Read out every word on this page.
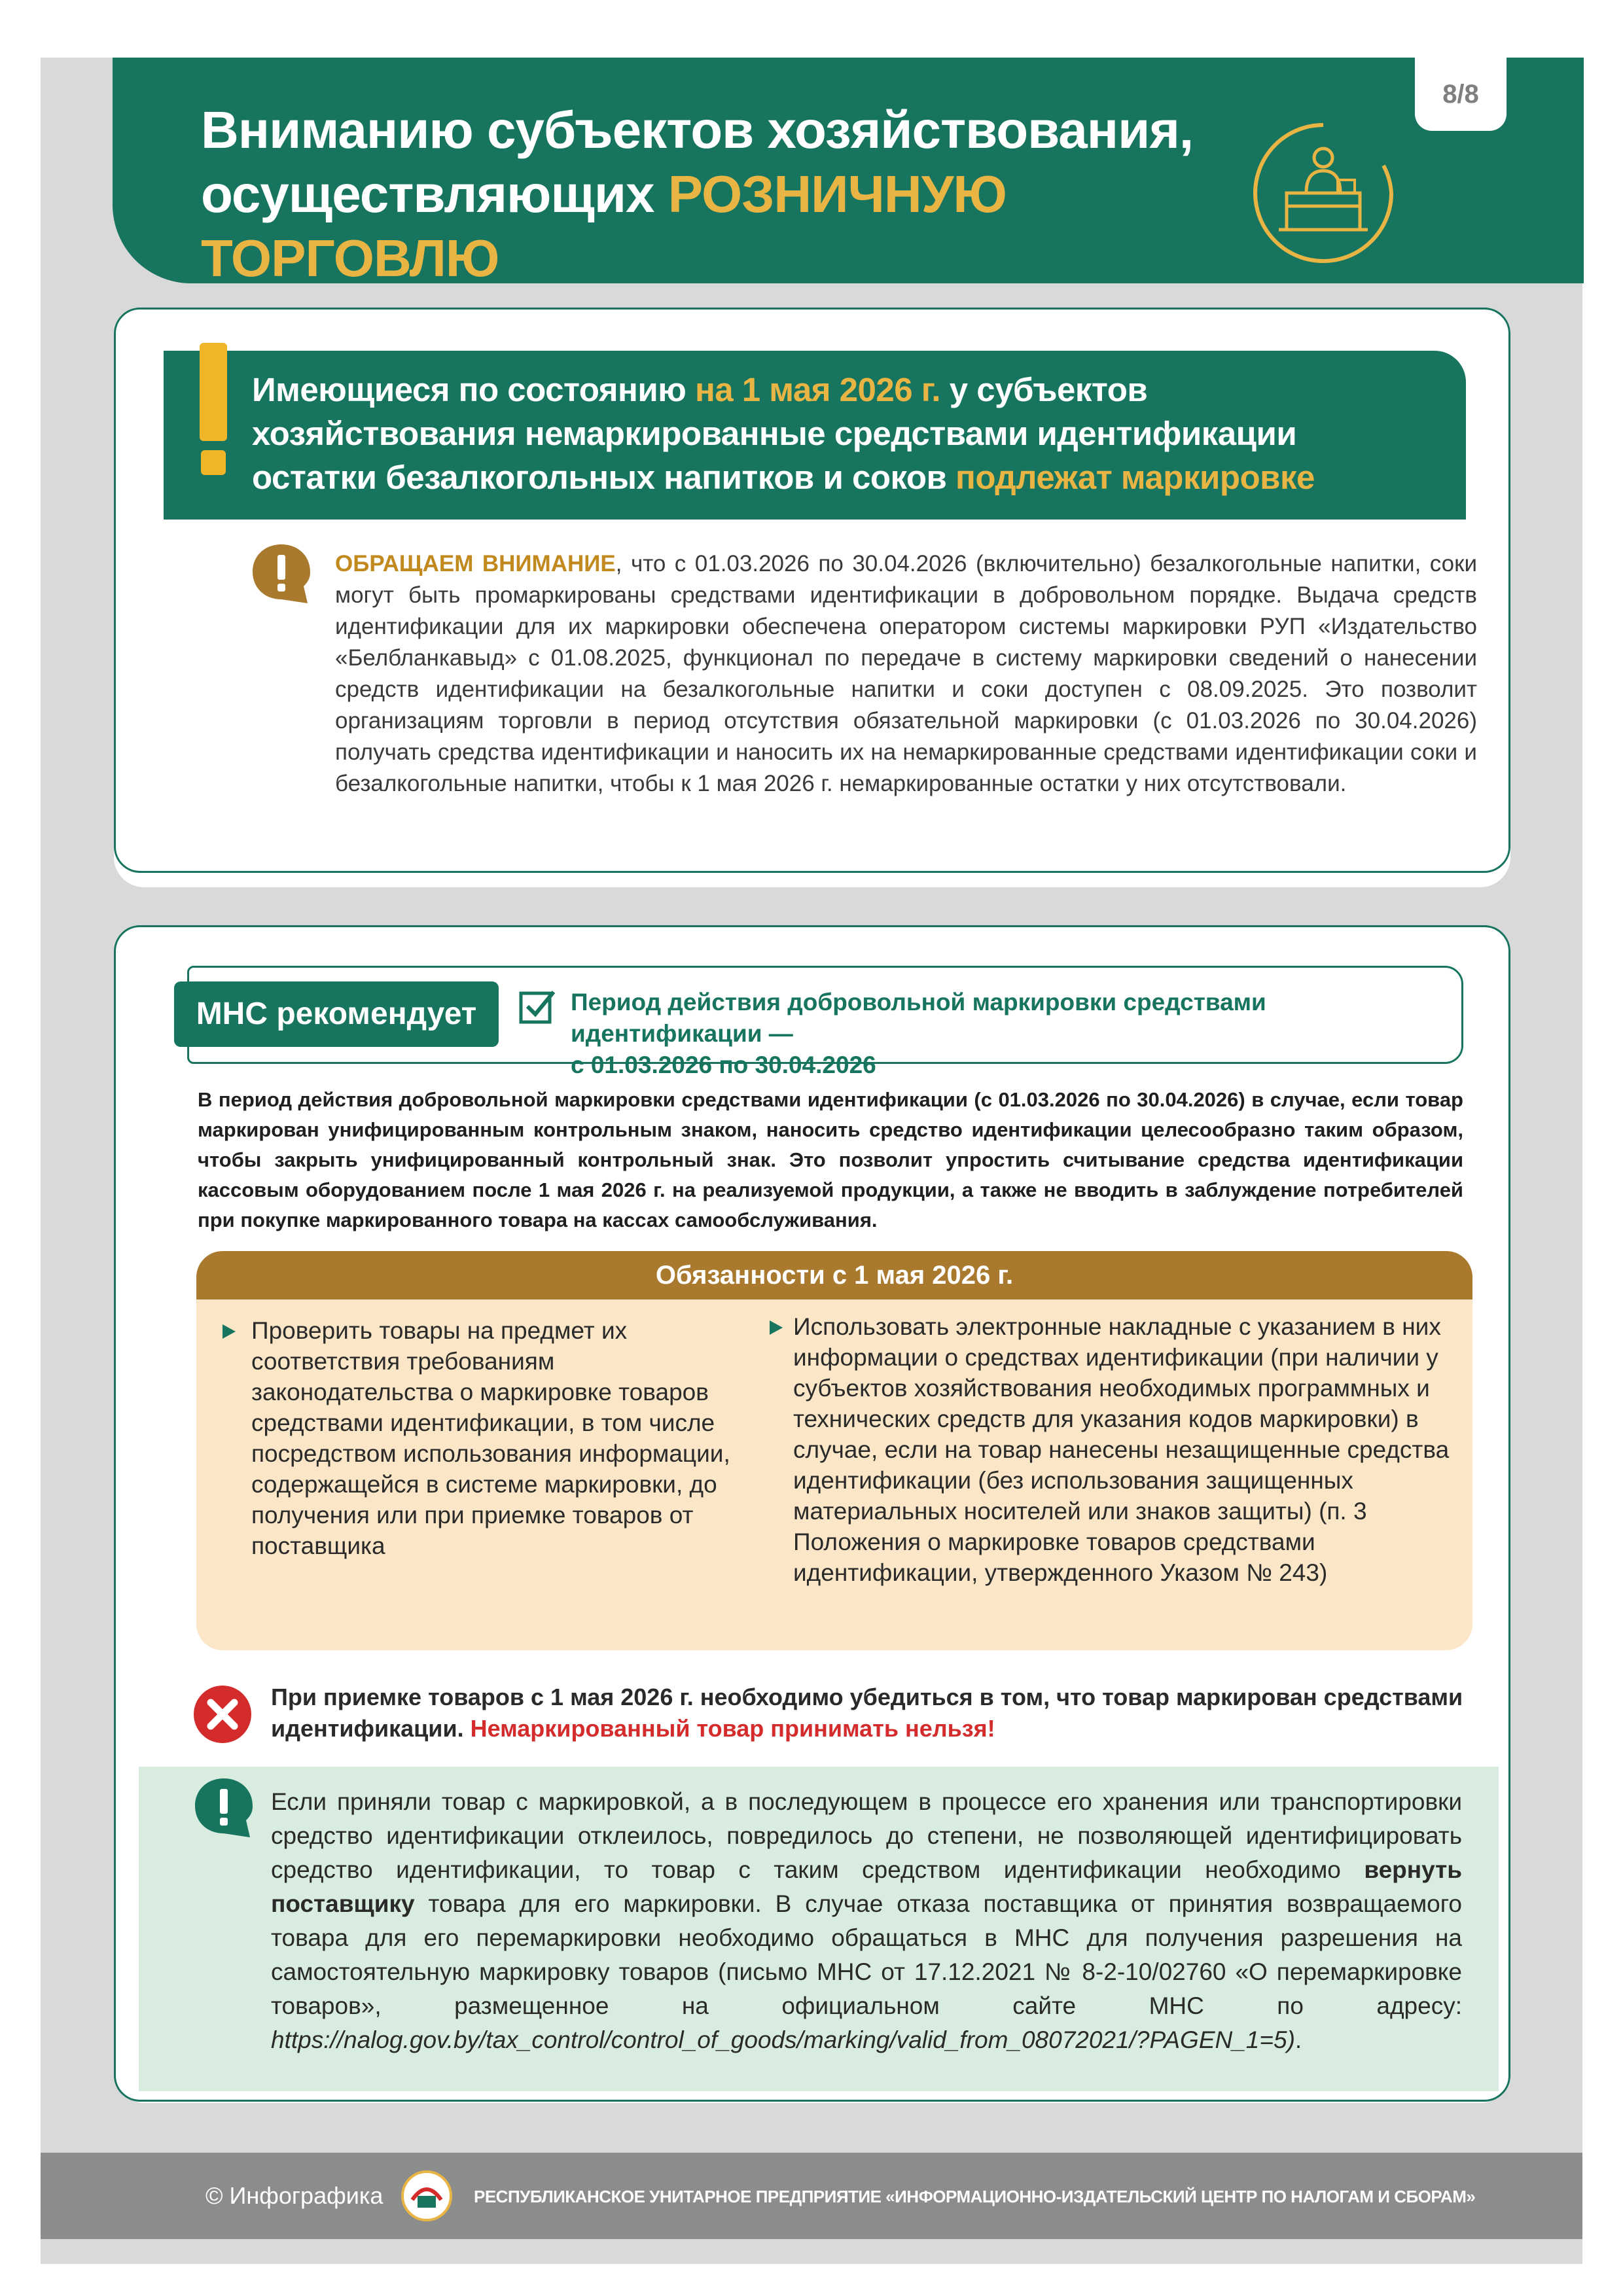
Вниманию субъектов хозяйствования,
осуществляющих РОЗНИЧНУЮ ТОРГОВЛЮ
8/8
Имеющиеся по состоянию на 1 мая 2026 г. у субъектов хозяйствования немаркированные средствами идентификации остатки безалкогольных напитков и соков подлежат маркировке
ОБРАЩАЕМ ВНИМАНИЕ, что с 01.03.2026 по 30.04.2026 (включительно) безалкогольные напитки, соки могут быть промаркированы средствами идентификации в добровольном порядке. Выдача средств идентификации для их маркировки обеспечена оператором системы маркировки РУП «Издательство «Белбланкавыд» с 01.08.2025, функционал по передаче в систему маркировки сведений о нанесении средств идентификации на безалкогольные напитки и соки доступен с 08.09.2025. Это позволит организациям торговли в период отсутствия обязательной маркировки (с 01.03.2026 по 30.04.2026) получать средства идентификации и наносить их на немаркированные средствами идентификации соки и безалкогольные напитки, чтобы к 1 мая 2026 г. немаркированные остатки у них отсутствовали.
МНС рекомендует	Период действия добровольной маркировки средствами идентификации —
с 01.03.2026 по 30.04.2026
В период действия добровольной маркировки средствами идентификации (с 01.03.2026 по 30.04.2026) в случае, если товар маркирован унифицированным контрольным знаком, наносить средство идентификации целесообразно таким образом, чтобы закрыть унифицированный контрольный знак. Это позволит упростить считывание средства идентификации кассовым оборудованием после 1 мая 2026 г. на реализуемой продукции, а также не вводить в заблуждение потребителей при покупке маркированного товара на кассах самообслуживания.
Обязанности с 1 мая 2026 г.
Проверить товары на предмет их соответствия требованиям законодательства о маркировке товаров средствами идентификации, в том числе посредством использования информации, содержащейся в системе маркировки, до получения или при приемке товаров от поставщика
Использовать электронные накладные с указанием в них информации о средствах идентификации (при наличии у субъектов хозяйствования необходимых программных и технических средств для указания кодов маркировки) в случае, если на товар нанесены незащищенные средства идентификации (без использования защищенных материальных носителей или знаков защиты) (п. 3 Положения о маркировке товаров средствами идентификации, утвержденного Указом № 243)
При приемке товаров с 1 мая 2026 г. необходимо убедиться в том, что товар маркирован средствами идентификации. Немаркированный товар принимать нельзя!
Если приняли товар с маркировкой, а в последующем в процессе его хранения или транспортировки средство идентификации отклеилось, повредилось до степени, не позволяющей идентифицировать средство идентификации, то товар с таким средством идентификации необходимо вернуть поставщику товара для его маркировки. В случае отказа поставщика от принятия возвращаемого товара для его перемаркировки необходимо обращаться в МНС для получения разрешения на самостоятельную маркировку товаров (письмо МНС от 17.12.2021 № 8-2-10/02760 «О перемаркировке товаров», размещенное на официальном сайте МНС по адресу: https://nalog.gov.by/tax_control/control_of_goods/marking/valid_from_08072021/?PAGEN_1=5).
© Инфографика	РЕСПУБЛИКАНСКОЕ УНИТАРНОЕ ПРЕДПРИЯТИЕ «ИНФОРМАЦИОННО-ИЗДАТЕЛЬСКИЙ ЦЕНТР ПО НАЛОГАМ И СБОРАМ»
